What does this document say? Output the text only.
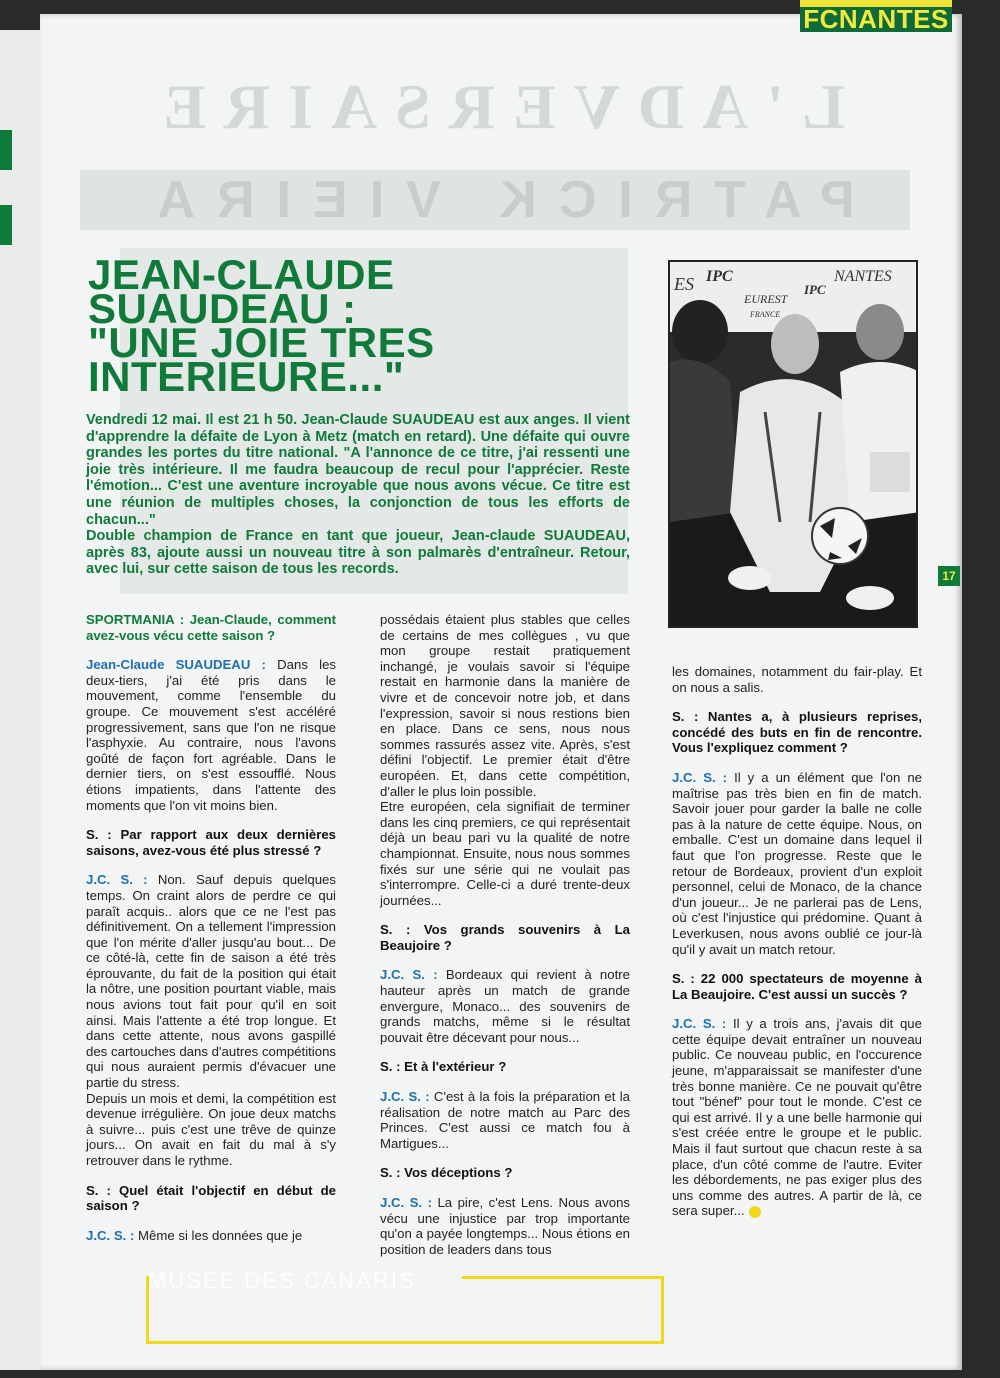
FCNANTES
L'ADVERSAIRE
PATRICK VIEIRA
JEAN-CLAUDE
SUAUDEAU :
"UNE JOIE TRES
INTERIEURE..."

Vendredi 12 mai. Il est 21 h 50. Jean-Claude SUAUDEAU est aux anges. Il vient d'apprendre la défaite de Lyon à Metz (match en retard). Une défaite qui ouvre grandes les portes du titre national. "A l'annonce de ce titre, j'ai ressenti une joie très intérieure. Il me faudra beaucoup de recul pour l'apprécier. Reste l'émotion... C'est une aventure incroyable que nous avons vécue. Ce titre est une réunion de multiples choses, la conjonction de tous les efforts de chacun..."

Double champion de France en tant que joueur, Jean-claude SUAUDEAU, après 83, ajoute aussi un nouveau titre à son palmarès d'entraîneur. Retour, avec lui, sur cette saison de tous les records.

ES IPC
EUREST
FRANCE
IPC
NANTES
17

SPORTMANIA : Jean-Claude, comment avez-vous vécu cette saison ?

Jean-Claude SUAUDEAU : Dans les deux-tiers, j'ai été pris dans le mouvement, comme l'ensemble du groupe. Ce mouvement s'est accéléré progressivement, sans que l'on ne risque l'asphyxie. Au contraire, nous l'avons goûté de façon fort agréable. Dans le dernier tiers, on s'est essoufflé. Nous étions impatients, dans l'attente des moments que l'on vit moins bien.

S. : Par rapport aux deux dernières saisons, avez-vous été plus stressé ?

J.C. S. : Non. Sauf depuis quelques temps. On craint alors de perdre ce qui paraît acquis.. alors que ce ne l'est pas définitivement. On a tellement l'impression que l'on mérite d'aller jusqu'au bout... De ce côté-là, cette fin de saison a été très éprouvante, du fait de la position qui était la nôtre, une position pourtant viable, mais nous avions tout fait pour qu'il en soit ainsi. Mais l'attente a été trop longue. Et dans cette attente, nous avons gaspillé des cartouches dans d'autres compétitions qui nous auraient permis d'évacuer une partie du stress.

Depuis un mois et demi, la compétition est devenue irrégulière. On joue deux matchs à suivre... puis c'est une trêve de quinze jours... On avait en fait du mal à s'y retrouver dans le rythme.

S. : Quel était l'objectif en début de saison ?

J.C. S. : Même si les données que je

possédais étaient plus stables que celles de certains de mes collègues , vu que mon groupe restait pratiquement inchangé, je voulais savoir si l'équipe restait en harmonie dans la manière de vivre et de concevoir notre job, et dans l'expression, savoir si nous restions bien en place. Dans ce sens, nous nous sommes rassurés assez vite. Après, s'est défini l'objectif. Le premier était d'être européen. Et, dans cette compétition, d'aller le plus loin possible.

Etre européen, cela signifiait de terminer dans les cinq premiers, ce qui représentait déjà un beau pari vu la qualité de notre championnat. Ensuite, nous nous sommes fixés sur une série qui ne voulait pas s'interrompre. Celle-ci a duré trente-deux journées...

S. : Vos grands souvenirs à La Beaujoire ?

J.C. S. : Bordeaux qui revient à notre hauteur après un match de grande envergure, Monaco... des souvenirs de grands matchs, même si le résultat pouvait être décevant pour nous...

S. : Et à l'extérieur ?

J.C. S. : C'est à la fois la préparation et la réalisation de notre match au Parc des Princes. C'est aussi ce match fou à Martigues...

S. : Vos déceptions ?

J.C. S. : La pire, c'est Lens. Nous avons vécu une injustice par trop importante qu'on a payée longtemps... Nous étions en position de leaders dans tous

les domaines, notamment du fair-play. Et on nous a salis.

S. : Nantes a, à plusieurs reprises, concédé des buts en fin de rencontre. Vous l'expliquez comment ?

J.C. S. : Il y a un élément que l'on ne maîtrise pas très bien en fin de match. Savoir jouer pour garder la balle ne colle pas à la nature de cette équipe. Nous, on emballe. C'est un domaine dans lequel il faut que l'on progresse. Reste que le retour de Bordeaux, provient d'un exploit personnel, celui de Monaco, de la chance d'un joueur... Je ne parlerai pas de Lens, où c'est l'injustice qui prédomine. Quant à Leverkusen, nous avons oublié ce jour-là qu'il y avait un match retour.

S. : 22 000 spectateurs de moyenne à La Beaujoire. C'est aussi un succès ?

J.C. S. : Il y a trois ans, j'avais dit que cette équipe devait entraîner un nouveau public. Ce nouveau public, en l'occurence jeune, m'apparaissait se manifester d'une très bonne manière. Ce ne pouvait qu'être tout "bénef" pour tout le monde. C'est ce qui est arrivé. Il y a une belle harmonie qui s'est créée entre le groupe et le public. Mais il faut surtout que chacun reste à sa place, d'un côté comme de l'autre. Eviter les débordements, ne pas exiger plus des uns comme des autres. A partir de là, ce sera super...

MUSÉE DES CANARIS
